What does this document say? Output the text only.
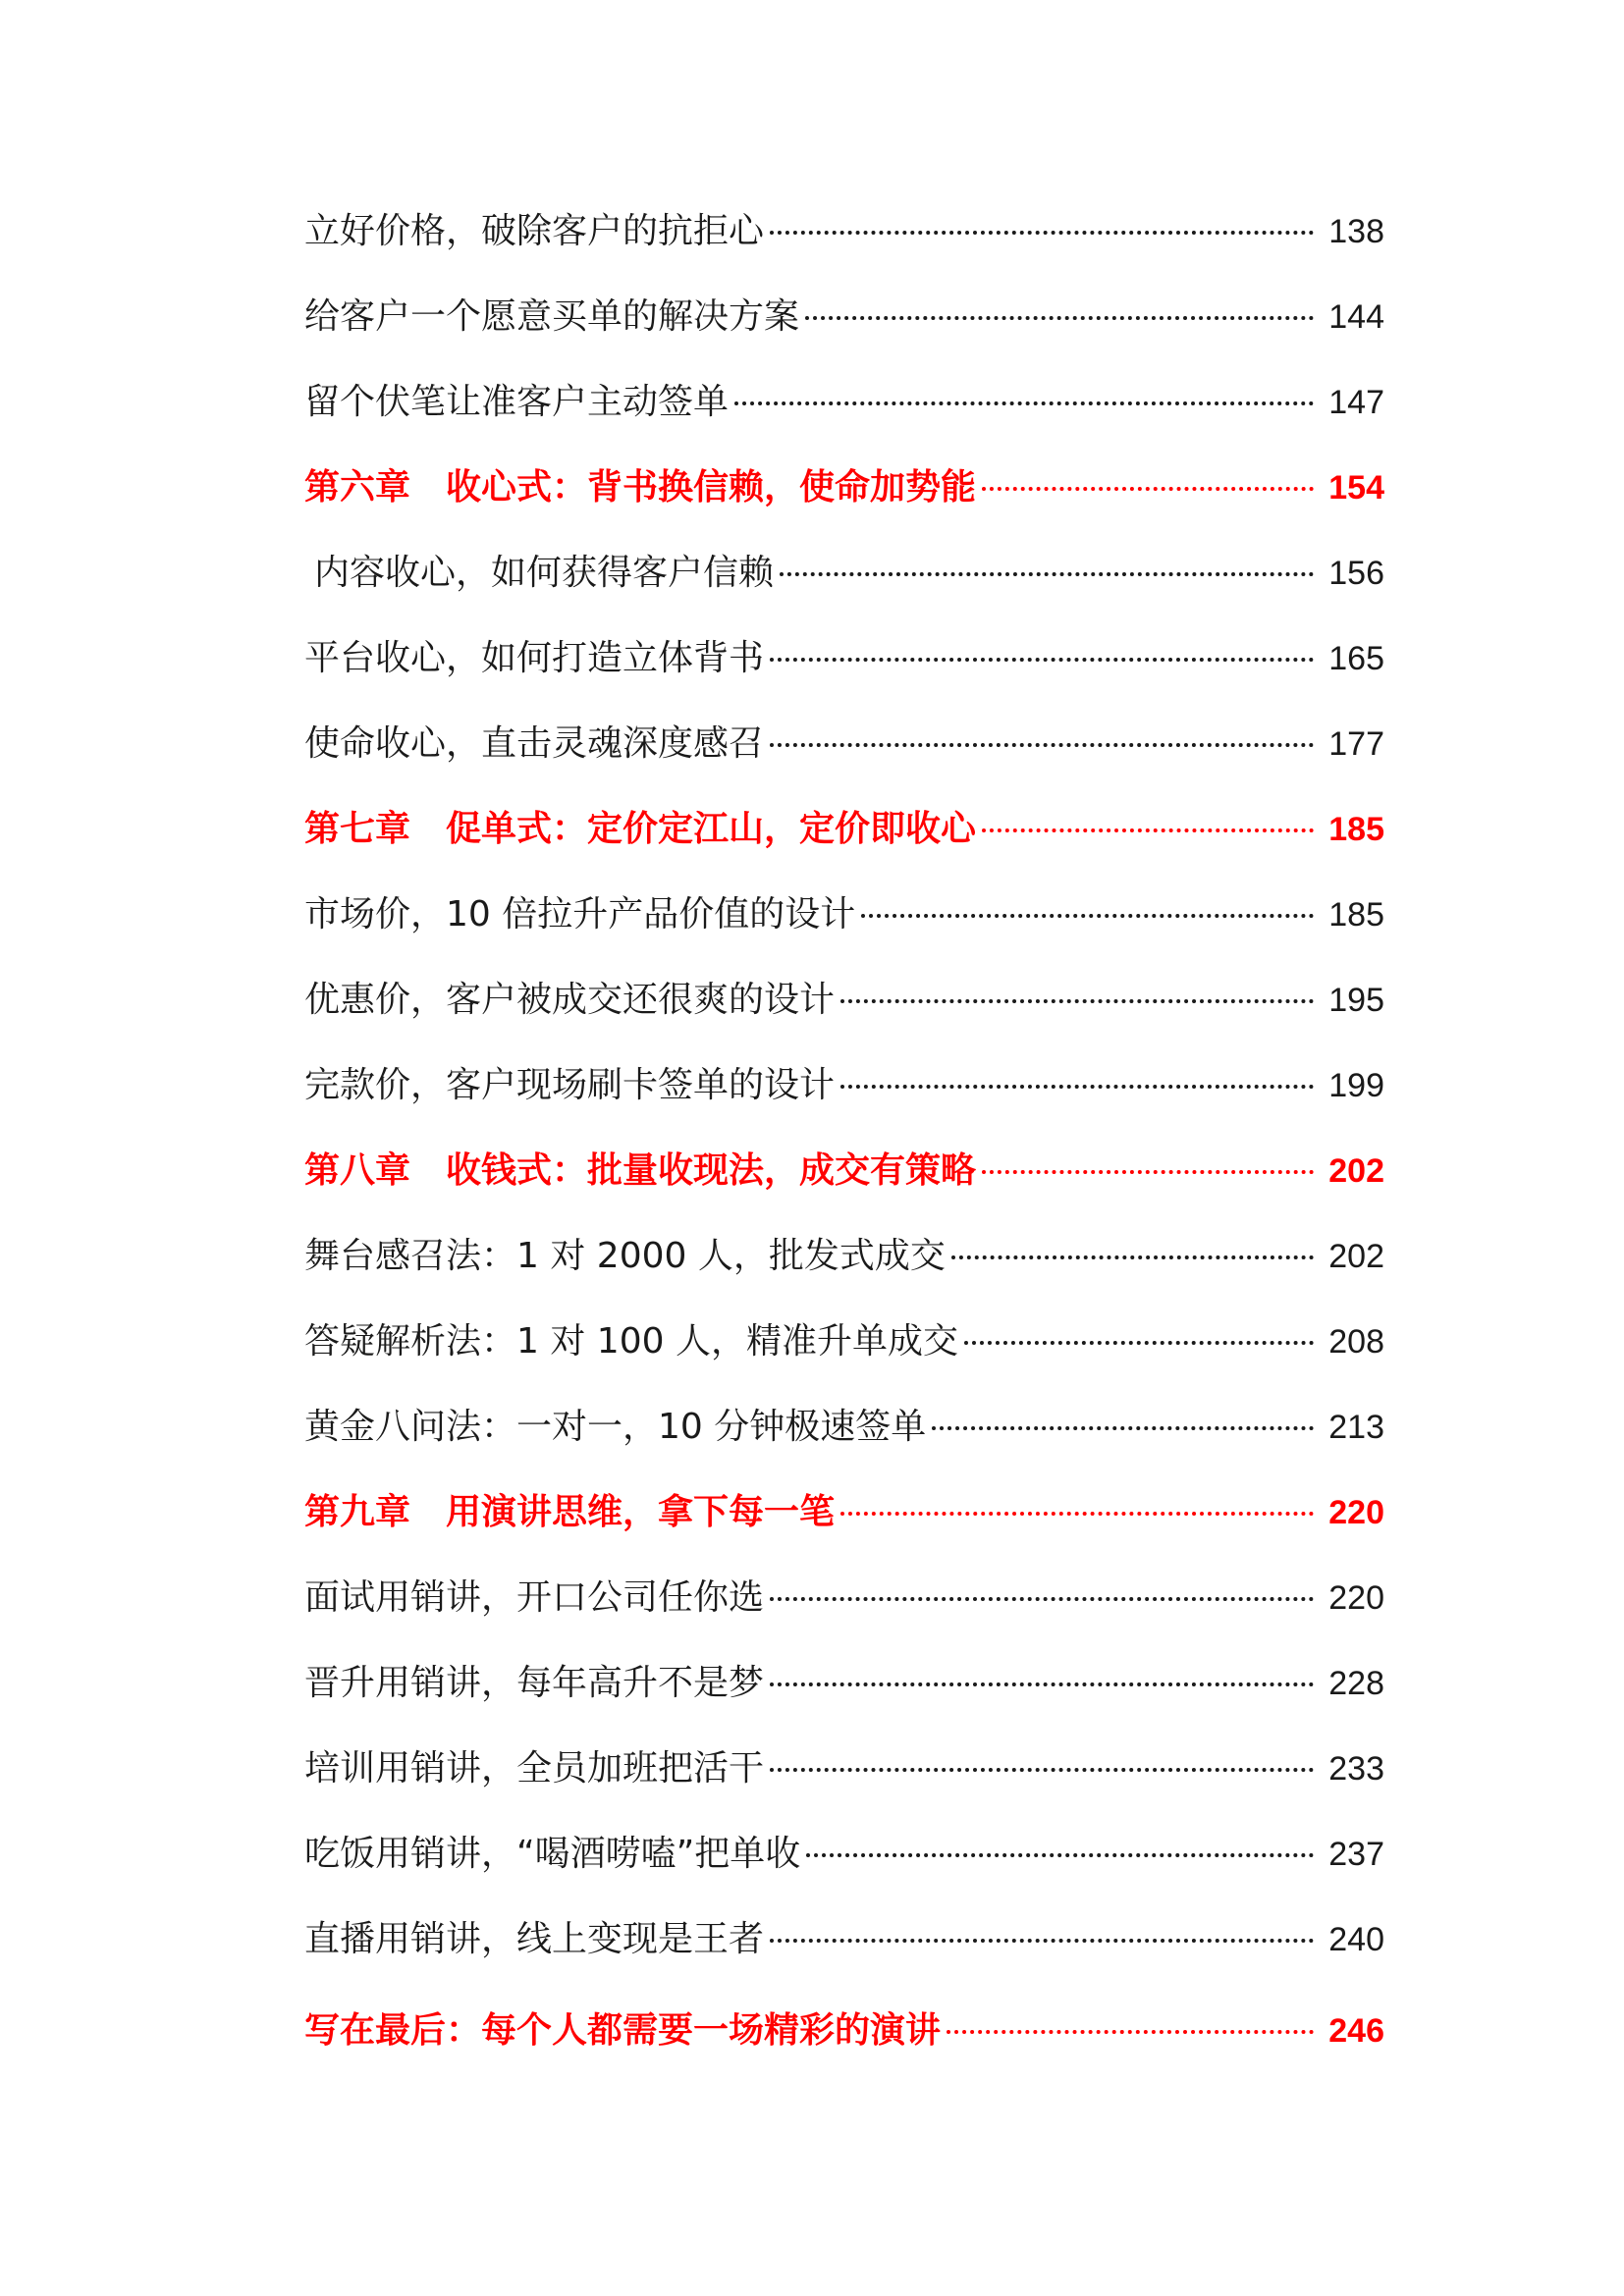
立好价格，破除客户的抗拒心	138
给客户一个愿意买单的解决方案	144
留个伏笔让准客户主动签单	147
第六章　收心式：背书换信赖，使命加势能	154
内容收心，如何获得客户信赖	156
平台收心，如何打造立体背书	165
使命收心，直击灵魂深度感召	177
第七章　促单式：定价定江山，定价即收心	185
市场价，10 倍拉升产品价值的设计	185
优惠价，客户被成交还很爽的设计	195
完款价，客户现场刷卡签单的设计	199
第八章　收钱式：批量收现法，成交有策略	202
舞台感召法：1 对 2000 人，批发式成交	202
答疑解析法：1 对 100 人，精准升单成交	208
黄金八问法：一对一，10 分钟极速签单	213
第九章　用演讲思维，拿下每一笔	220
面试用销讲，开口公司任你选	220
晋升用销讲，每年高升不是梦	228
培训用销讲，全员加班把活干	233
吃饭用销讲，“喝酒唠嗑”把单收	237
直播用销讲，线上变现是王者	240
写在最后：每个人都需要一场精彩的演讲	246
